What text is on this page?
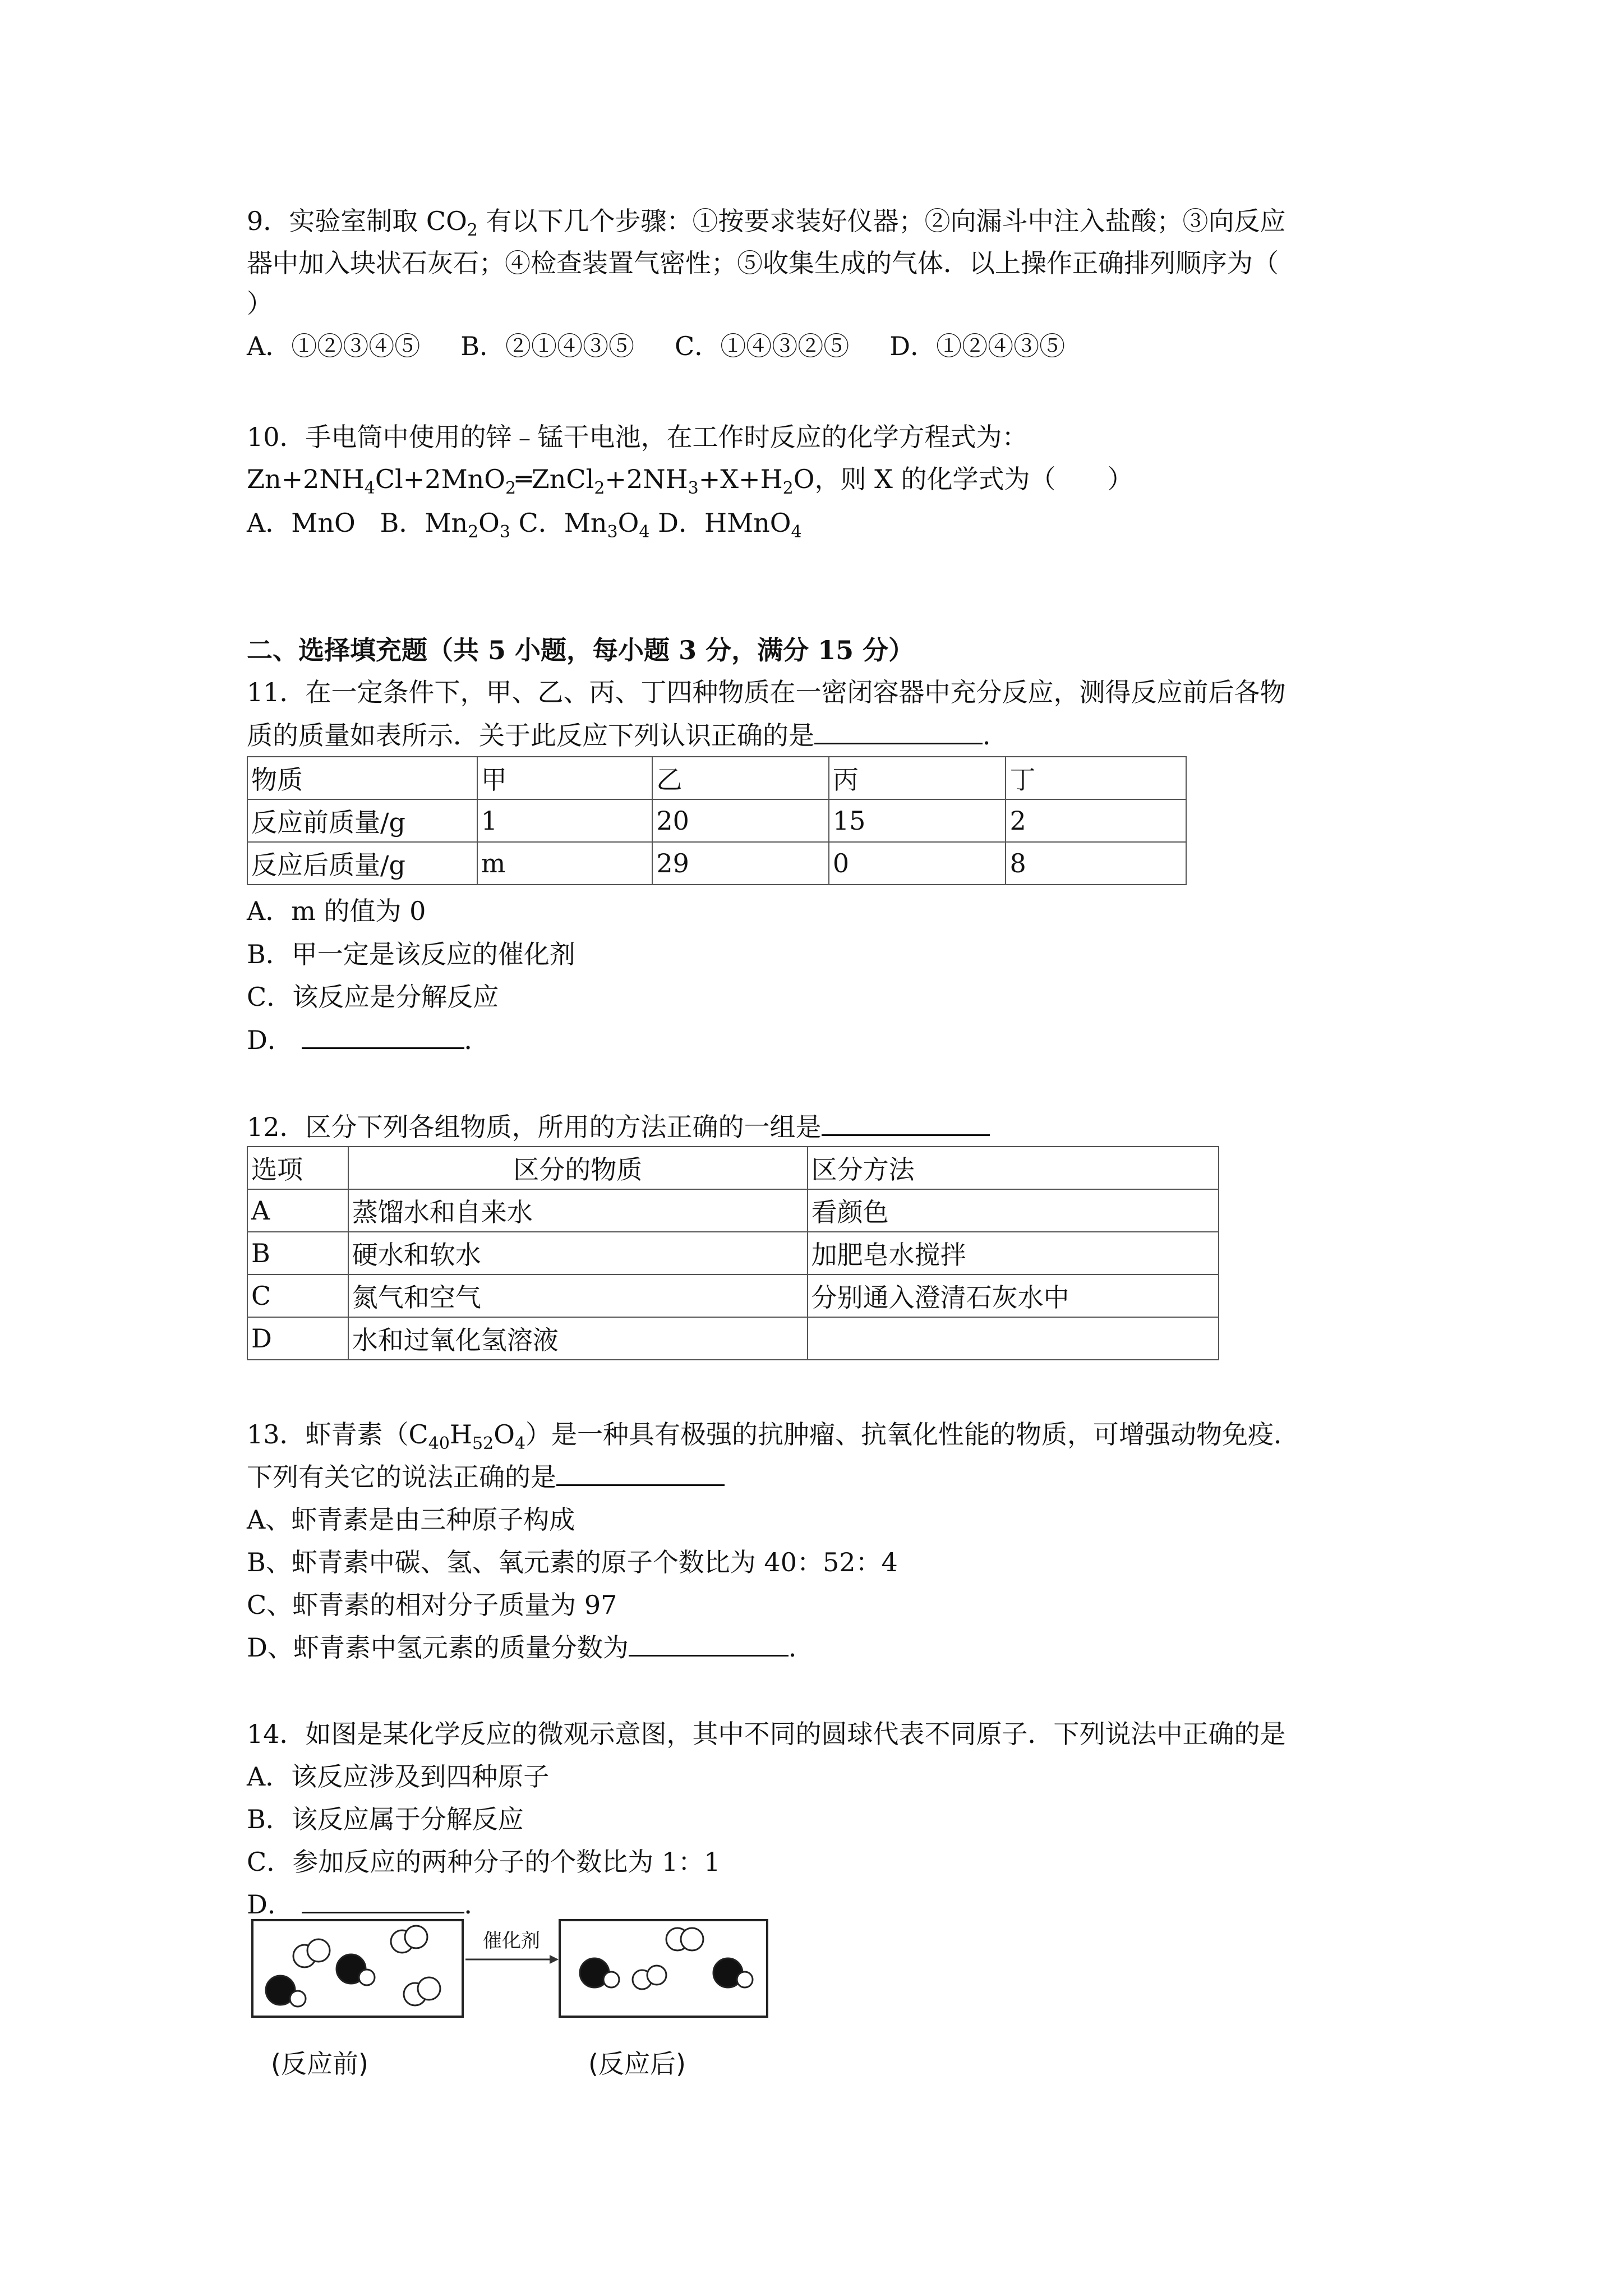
9．实验室制取 $CO_2$ 有以下几个步骤：①按要求装好仪器；②向漏斗中注入盐酸；③向反应
器中加入块状石灰石；④检查装置气密性；⑤收集生成的气体．以上操作正确排列顺序为（
）
A．①②③④⑤ B．②①④③⑤ C．①④③②⑤ D．①②④③⑤
10．手电筒中使用的锌﹣锰干电池，在工作时反应的化学方程式为：
$Zn+2NH_4Cl+2MnO_2═ZnCl_2+2NH_3+X+H_2O$，则 X 的化学式为（　　）
A．MnO B．$Mn_2O_3$ C．$Mn_3O_4$ D．HMnO$_4$
二、选择填充题（共 5 小题，每小题 3 分，满分 15 分）
11．在一定条件下，甲、乙、丙、丁四种物质在一密闭容器中充分反应，测得反应前后各物
质的质量如表所示．关于此反应下列认识正确的是	．
物质	甲	乙	丙	丁
反应前质量/g	1	20	15	2
反应后质量/g	m	29	0	8
A．m 的值为 0
B．甲一定是该反应的催化剂
C．该反应是分解反应
D．	．
12．区分下列各组物质，所用的方法正确的一组是
选项	区分的物质	区分方法
A	蒸馏水和自来水	看颜色
B	硬水和软水	加肥皂水搅拌
C	氮气和空气	分别通入澄清石灰水中
D	水和过氧化氢溶液	
13．虾青素$(C_{40}H_{52}O_4)$是一种具有极强的抗肿瘤、抗氧化性能的物质，可增强动物免疫．
下列有关它的说法正确的是
A、虾青素是由三种原子构成
B、虾青素中碳、氢、氧元素的原子个数比为 40：52：4
C、虾青素的相对分子质量为 97
D、虾青素中氢元素的质量分数为	．
14．如图是某化学反应的微观示意图，其中不同的圆球代表不同原子．下列说法中正确的是
A．该反应涉及到四种原子
B．该反应属于分解反应
C．参加反应的两种分子的个数比为 1：1
D．	．
催化剂
(反应前)	(反应后)
